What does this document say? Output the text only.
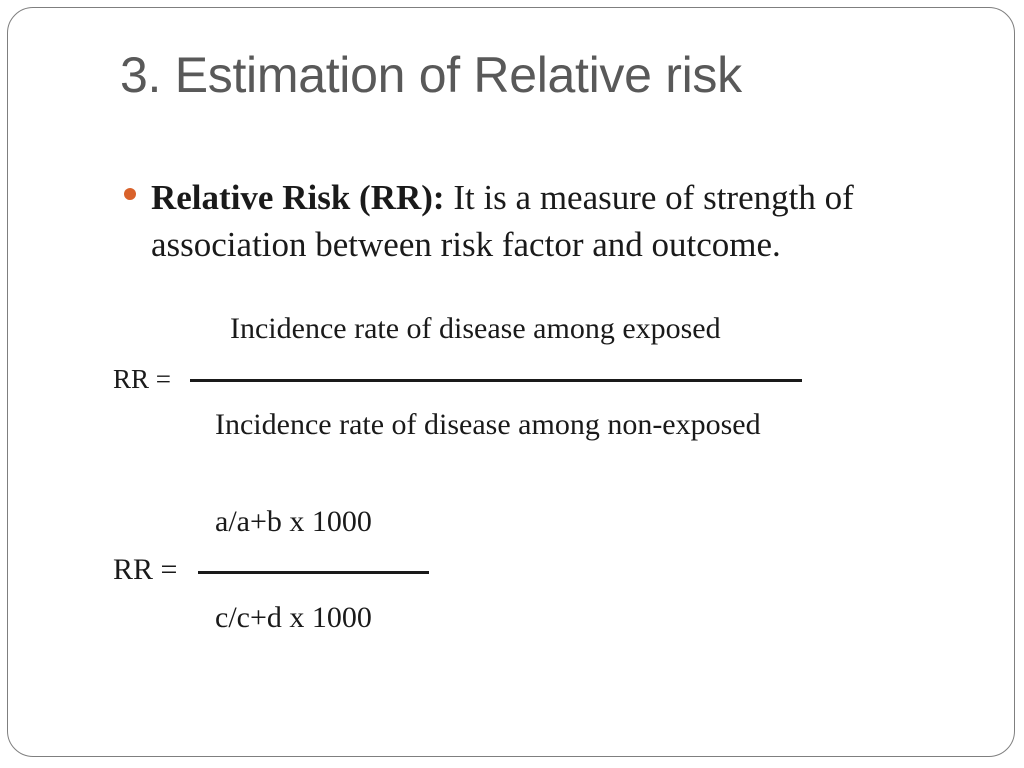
3. Estimation of Relative risk
Relative Risk (RR): It is a measure of strength of association between risk factor and outcome.
Incidence rate of disease among exposed
RR =
Incidence rate of disease among non-exposed
a/a+b x 1000
RR =
c/c+d x 1000
